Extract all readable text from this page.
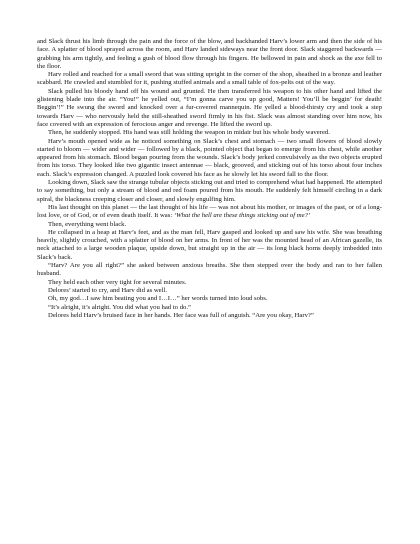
and Slack thrust his limb through the pain and the force of the blow, and backhanded Harv’s lower arm and then the side of his face. A splatter of blood sprayed across the room, and Harv landed sideways near the front door. Slack staggered backwards — grabbing his arm tightly, and feeling a gush of blood flow through his fingers. He bellowed in pain and shock as the axe fell to the floor.

Harv rolled and reached for a small sword that was sitting upright in the corner of the shop, sheathed in a bronze and leather scabbard. He crawled and stumbled for it, pushing stuffed animals and a small table of fox-pelts out of the way.

Slack pulled his bloody hand off his wound and grunted. He then transferred his weapon to his other hand and lifted the glistening blade into the air. “You!” he yelled out, “I’m gonna carve you up good, Matters! You’ll be beggin’ for death! Beggin’!” He swung the sword and knocked over a fur-covered mannequin. He yelled a blood-thirsty cry and took a step towards Harv — who nervously held the still-sheathed sword firmly in his fist. Slack was almost standing over him now, his face covered with an expression of ferocious anger and revenge. He lifted the sword up.

Then, he suddenly stopped. His hand was still holding the weapon in midair but his whole body wavered.

Harv’s mouth opened wide as he noticed something on Slack’s chest and stomach — two small flowers of blood slowly started to bloom — wider and wider — followed by a black, pointed object that began to emerge from his chest, while another appeared from his stomach. Blood began pouring from the wounds. Slack’s body jerked convulsively as the two objects erupted from his torso. They looked like two gigantic insect antennae — black, grooved, and sticking out of his torso about four inches each. Slack’s expression changed. A puzzled look covered his face as he slowly let his sword fall to the floor.

Looking down, Slack saw the strange tubular objects sticking out and tried to comprehend what had happened. He attempted to say something, but only a stream of blood and red foam poured from his mouth. He suddenly felt himself circling in a dark spiral, the blackness creeping closer and closer, and slowly engulfing him.

His last thought on this planet — the last thought of his life — was not about his mother, or images of the past, or of a long-lost love, or of God, or of even death itself. It was: ‘What the hell are these things sticking out of me?’

Then, everything went black.

He collapsed in a heap at Harv’s feet, and as the man fell, Harv gasped and looked up and saw his wife. She was breathing heavily, slightly crouched, with a splatter of blood on her arms. In front of her was the mounted head of an African gazelle, its neck attached to a large wooden plaque, upside down, but straight up in the air — its long black horns deeply imbedded into Slack’s back.

“Harv? Are you all right?” she asked between anxious breaths. She then stepped over the body and ran to her fallen husband.

They held each other very tight for several minutes.

Delores’ started to cry, and Harv did as well.

Oh, my god…I saw him beating you and I…I…” her words turned into loud sobs.

“It’s alright, it’s alright. You did what you had to do.”

Delores held Harv’s bruised face in her hands. Her face was full of anguish. “Are you okay, Harv?”
